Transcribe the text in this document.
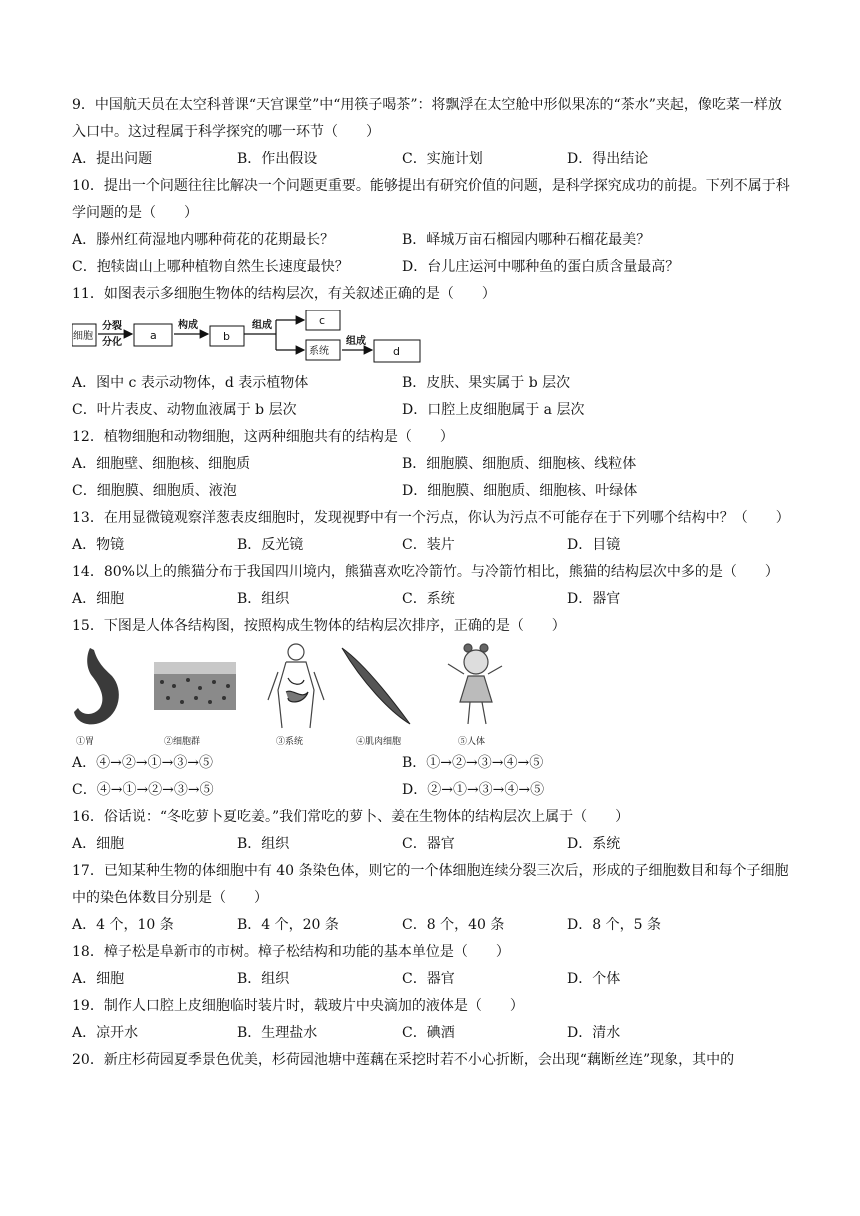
9．中国航天员在太空科普课“天宫课堂”中“用筷子喝茶”：将飘浮在太空舱中形似果冻的“茶水”夹起，像吃菜一样放入口中。这过程属于科学探究的哪一环节（　　）
A．提出问题	B．作出假设	C．实施计划	D．得出结论
10．提出一个问题往往比解决一个问题更重要。能够提出有研究价值的问题，是科学探究成功的前提。下列不属于科学问题的是（　　）
A．滕州红荷湿地内哪种荷花的花期最长？	B．峄城万亩石榴园内哪种石榴花最美？
C．抱犊崮山上哪种植物自然生长速度最快？	D．台儿庄运河中哪种鱼的蛋白质含量最高？
11．如图表示多细胞生物体的结构层次，有关叙述正确的是（　　）
细胞
分裂
分化
a
构成
b
组成	c
系统
组成
d
A．图中 c 表示动物体，d 表示植物体	B．皮肤、果实属于 b 层次
C．叶片表皮、动物血液属于 b 层次	D．口腔上皮细胞属于 a 层次
12．植物细胞和动物细胞，这两种细胞共有的结构是（　　）
A．细胞壁、细胞核、细胞质	B．细胞膜、细胞质、细胞核、线粒体
C．细胞膜、细胞质、液泡	D．细胞膜、细胞质、细胞核、叶绿体
13．在用显微镜观察洋葱表皮细胞时，发现视野中有一个污点，你认为污点不可能存在于下列哪个结构中？（　　）
A．物镜	B．反光镜	C．装片	D．目镜
14．80%以上的熊猫分布于我国四川境内，熊猫喜欢吃冷箭竹。与冷箭竹相比，熊猫的结构层次中多的是（　　）
A．细胞	B．组织	C．系统	D．器官
15．下图是人体各结构图，按照构成生物体的结构层次排序，正确的是（　　）
①胃	②细胞群	③系统	④肌肉细胞	⑤人体
A．④→②→①→③→⑤	B．①→②→③→④→⑤
C．④→①→②→③→⑤	D．②→①→③→④→⑤
16．俗话说：“冬吃萝卜夏吃姜。”我们常吃的萝卜、姜在生物体的结构层次上属于（　　）
A．细胞	B．组织	C．器官	D．系统
17．已知某种生物的体细胞中有 40 条染色体，则它的一个体细胞连续分裂三次后，形成的子细胞数目和每个子细胞中的染色体数目分别是（　　）
A．4 个，10 条	B．4 个，20 条	C．8 个，40 条	D．8 个，5 条
18．樟子松是阜新市的市树。樟子松结构和功能的基本单位是（　　）
A．细胞	B．组织	C．器官	D．个体
19．制作人口腔上皮细胞临时装片时，载玻片中央滴加的液体是（　　）
A．凉开水	B．生理盐水	C．碘酒	D．清水
20．新庄杉荷园夏季景色优美，杉荷园池塘中莲藕在采挖时若不小心折断，会出现“藕断丝连”现象，其中的
